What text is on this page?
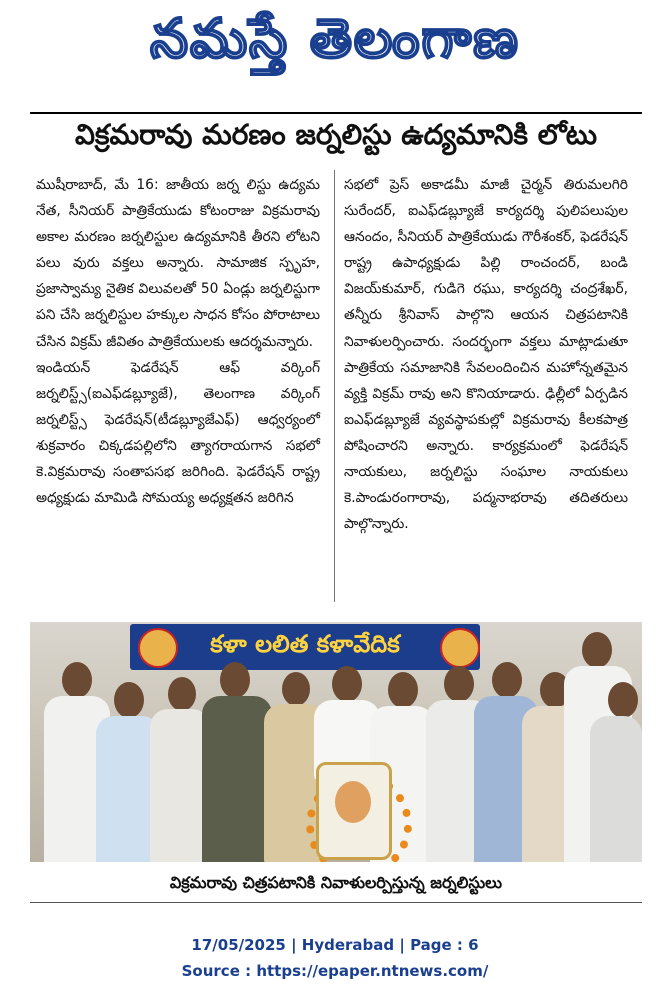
నమస్తే తెలంగాణ
విక్రమరావు మరణం జర్నలిస్టు ఉద్యమానికి లోటు

ముషీరాబాద్, మే 16: జాతీయ జర్న లిస్టు ఉద్యమ నేత, సీనియర్ పాత్రికేయుడు కోటంరాజు విక్రమరావు అకాల మరణం జర్నలిస్టుల ఉద్యమానికి తీరని లోటని పలు వురు వక్తలు అన్నారు. సామాజిక స్పృహ, ప్రజాస్వామ్య నైతిక విలువలతో 50 ఏండ్లు జర్నలిస్టుగా పని చేసి జర్నలిస్టుల హక్కుల సాధన కోసం పోరాటాలు చేసిన విక్రమ్ జీవితం పాత్రికేయులకు ఆదర్శమన్నారు.

ఇండియన్ ఫెడరేషన్ ఆఫ్ వర్కింగ్ జర్నలిస్ట్స్(ఐఎఫ్‌డబ్ల్యూజే), తెలంగాణ వర్కింగ్ జర్నలిస్ట్స్ ఫెడరేషన్(టీడబ్ల్యూజేఎఫ్) ఆధ్వర్యంలో శుక్రవారం చిక్కడపల్లిలోని త్యాగరాయగాన సభలో కె.విక్రమరావు సంతాపసభ జరిగింది. ఫెడరేషన్ రాష్ట్ర అధ్యక్షుడు మామిడి సోమయ్య అధ్యక్షతన జరిగిన

సభలో ప్రెస్ అకాడమీ మాజీ చైర్మన్ తిరుమలగిరి సురేందర్, ఐఎఫ్‌డబ్ల్యూజే కార్యదర్శి పులిపలుపుల ఆనందం, సీనియర్ పాత్రికేయుడు గౌరీశంకర్, ఫెడరేషన్ రాష్ట్ర ఉపాధ్యక్షుడు పిల్లి రాంచందర్, బండి విజయ్‌కుమార్, గుడిగె రఘు, కార్యదర్శి చంద్రశేఖర్, తన్నీరు శ్రీనివాస్ పాల్గొని ఆయన చిత్రపటానికి నివాళులర్పించారు. సందర్భంగా వక్తలు మాట్లాడుతూ పాత్రికేయ సమాజానికి సేవలందించిన మహోన్నతమైన వ్యక్తి విక్రమ్ రావు అని కొనియాడారు. ఢిల్లీలో ఏర్పడిన ఐఎఫ్‌డబ్ల్యూజే వ్యవస్థాపకుల్లో విక్రమరావు కీలకపాత్ర పోషించారని అన్నారు. కార్యక్రమంలో ఫెడరేషన్ నాయకులు, జర్నలిస్టు సంఘాల నాయకులు కె.పాండురంగారావు, పద్మనాభరావు తదితరులు పాల్గొన్నారు.

కళా లలిత కళావేదిక
విక్రమరావు చిత్రపటానికి నివాళులర్పిస్తున్న జర్నలిస్టులు
17/05/2025 | Hyderabad | Page : 6
Source : https://epaper.ntnews.com/
